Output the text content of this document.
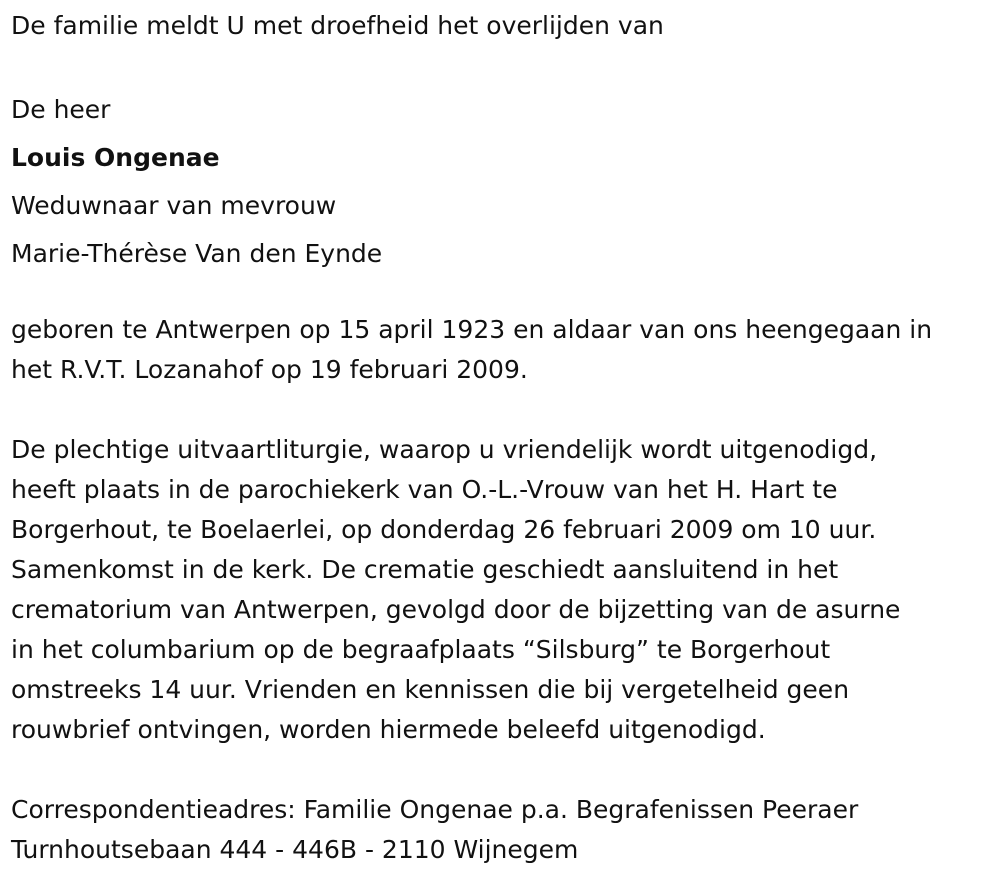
De familie meldt U met droefheid het overlijden van
De heer
Louis Ongenae
Weduwnaar van mevrouw
Marie-Thérèse Van den Eynde
geboren te Antwerpen op 15 april 1923 en aldaar van ons heengegaan in
het R.V.T. Lozanahof op 19 februari 2009.
De plechtige uitvaartliturgie, waarop u vriendelijk wordt uitgenodigd,
heeft plaats in de parochiekerk van O.-L.-Vrouw van het H. Hart te
Borgerhout, te Boelaerlei, op donderdag 26 februari 2009 om 10 uur.
Samenkomst in de kerk. De crematie geschiedt aansluitend in het
crematorium van Antwerpen, gevolgd door de bijzetting van de asurne
in het columbarium op de begraafplaats “Silsburg” te Borgerhout
omstreeks 14 uur. Vrienden en kennissen die bij vergetelheid geen
rouwbrief ontvingen, worden hiermede beleefd uitgenodigd.
Correspondentieadres: Familie Ongenae p.a. Begrafenissen Peeraer
Turnhoutsebaan 444 - 446B - 2110 Wijnegem
